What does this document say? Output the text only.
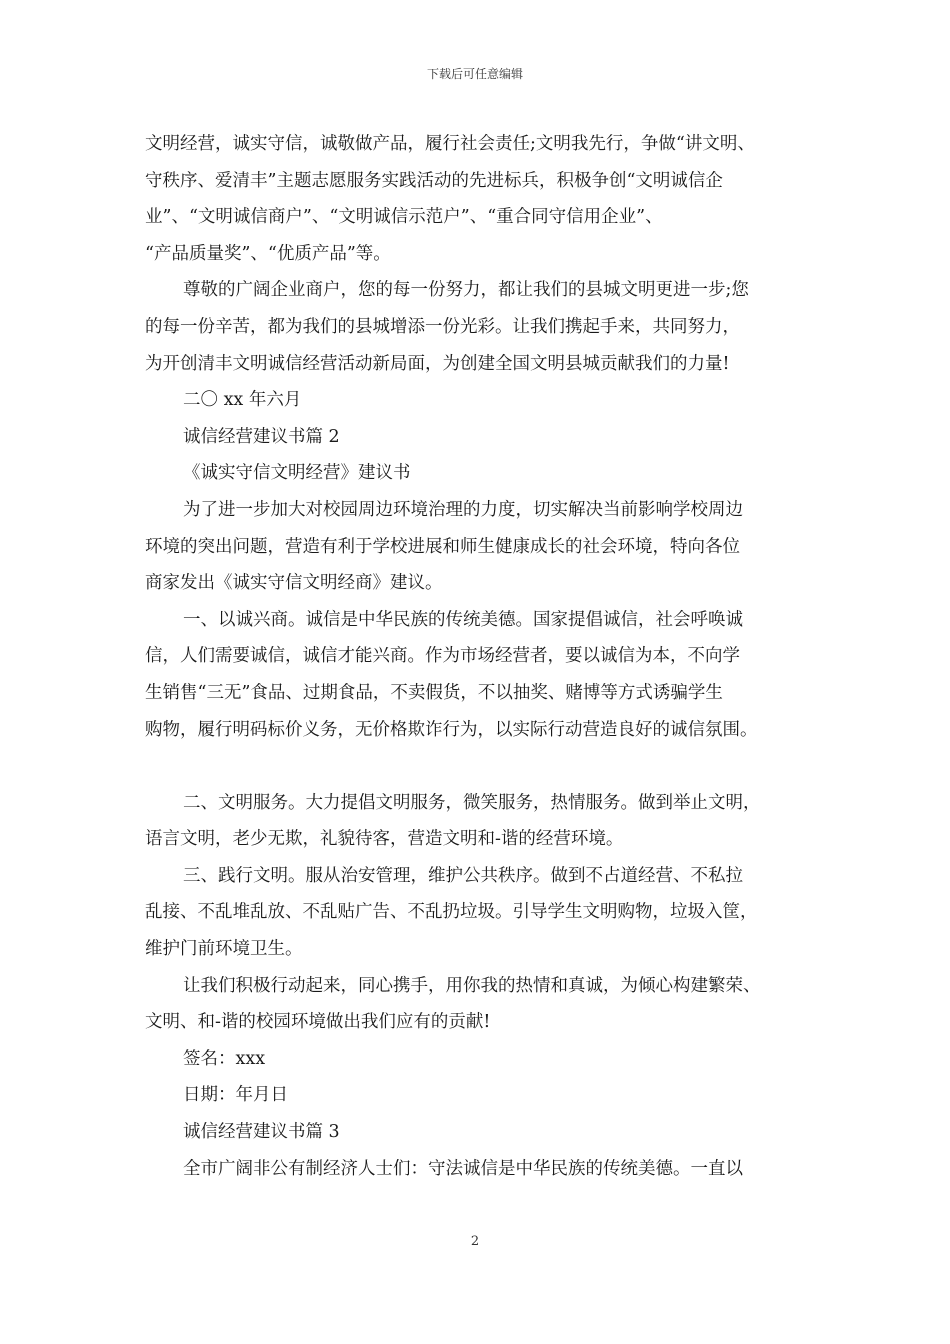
下载后可任意编辑
文明经营，诚实守信，诚敬做产品，履行社会责任;文明我先行，争做“讲文明、
守秩序、爱清丰”主题志愿服务实践活动的先进标兵，积极争创“文明诚信企
业”、“文明诚信商户”、“文明诚信示范户”、“重合同守信用企业”、
“产品质量奖”、“优质产品”等。
尊敬的广阔企业商户，您的每一份努力，都让我们的县城文明更进一步;您
的每一份辛苦，都为我们的县城增添一份光彩。让我们携起手来，共同努力，
为开创清丰文明诚信经营活动新局面，为创建全国文明县城贡献我们的力量!
二〇 xx 年六月
诚信经营建议书篇 2
《诚实守信文明经营》建议书
为了进一步加大对校园周边环境治理的力度，切实解决当前影响学校周边
环境的突出问题，营造有利于学校进展和师生健康成长的社会环境，特向各位
商家发出《诚实守信文明经商》建议。
一、以诚兴商。诚信是中华民族的传统美德。国家提倡诚信，社会呼唤诚
信，人们需要诚信，诚信才能兴商。作为市场经营者，要以诚信为本，不向学
生销售“三无”食品、过期食品，不卖假货，不以抽奖、赌博等方式诱骗学生
购物，履行明码标价义务，无价格欺诈行为，以实际行动营造良好的诚信氛围。
二、文明服务。大力提倡文明服务，微笑服务，热情服务。做到举止文明，
语言文明，老少无欺，礼貌待客，营造文明和-谐的经营环境。
三、践行文明。服从治安管理，维护公共秩序。做到不占道经营、不私拉
乱接、不乱堆乱放、不乱贴广告、不乱扔垃圾。引导学生文明购物，垃圾入筐，
维护门前环境卫生。
让我们积极行动起来，同心携手，用你我的热情和真诚，为倾心构建繁荣、
文明、和-谐的校园环境做出我们应有的贡献!
签名：xxx
日期：年月日
诚信经营建议书篇 3
全市广阔非公有制经济人士们：守法诚信是中华民族的传统美德。一直以
2
